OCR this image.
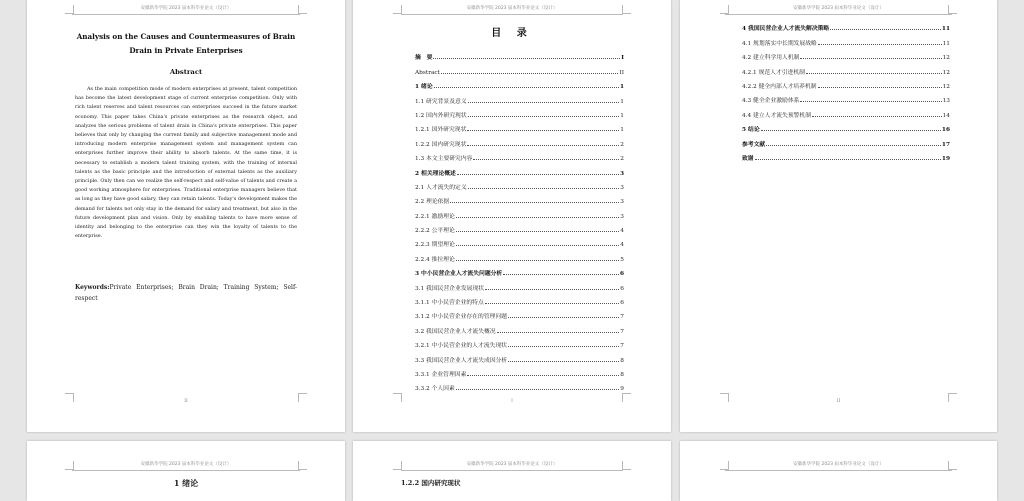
安徽新华学院 2023 届本科毕业论文（设计）
Analysis on the Causes and Countermeasures of Brain Drain in Private Enterprises
Abstract
As the main competition mode of modern enterprises at present, talent competition has become the latest development stage of current enterprise competition. Only with rich talent reserves and talent resources can enterprises succeed in the future market economy. This paper takes China's private enterprises as the research object, and analyzes the serious problems of talent drain in China's private enterprises. This paper believes that only by changing the current family and subjective management mode and introducing modern enterprise management system and management system can enterprises further improve their ability to absorb talents. At the same time, it is necessary to establish a modern talent training system, with the training of internal talents as the basic principle and the introduction of external talents as the auxiliary principle. Only then can we realize the self-respect and self-value of talents and create a good working atmosphere for enterprises. Traditional enterprise managers believe that as long as they have good salary, they can retain talents. Today's development makes the demand for talents not only stay in the demand for salary and treatment, but also in the future development plan and vision. Only by enabling talents to have more sense of identity and belonging to the enterprise can they win the loyalty of talents to the enterprise.
Keywords:Private Enterprises; Brain Drain; Training System; Self-respect
II
安徽新华学院 2023 届本科毕业论文（设计）
目 录
摘　要	I
Abstract	II
1 绪论	1
1.1 研究背景及意义	1
1.2 国内外研究现状	1
1.2.1 国外研究现状	1
1.2.2 国内研究现状	2
1.3 本文主要研究内容	2
2 相关理论概述	3
2.1 人才流失的定义	3
2.2 理论依据	3
2.2.1 激励理论	3
2.2.2 公平理论	4
2.2.3 期望理论	4
2.2.4 推拉理论	5
3 中小民营企业人才流失问题分析	6
3.1 我国民营企业发展现状	6
3.1.1 中小民营企业的特点	6
3.1.2 中小民营企业存在的管理问题	7
3.2 我国民营企业人才流失概况	7
3.2.1 中小民营企业的人才流失现状	7
3.3 我国民营企业人才流失成因分析	8
3.3.1 企业管理因素	8
3.3.2 个人因素	9
I
安徽新华学院 2023 届本科毕业论文（设计）
4 我国民营企业人才流失解决策略	11
4.1 规划落实中长期发展战略	11
4.2 建立科学用人机制	12
4.2.1 规范人才引进机制	12
4.2.2 健全内部人才培养机制	12
4.3 健全企业激励体系	13
4.4 建立人才流失预警机制	14
5 结论	16
参考文献	17
致谢	19
II
安徽新华学院 2023 届本科毕业论文（设计）
1 绪论
安徽新华学院 2023 届本科毕业论文（设计）
1.2.2 国内研究现状
安徽新华学院 2023 届本科毕业论文（设计）
